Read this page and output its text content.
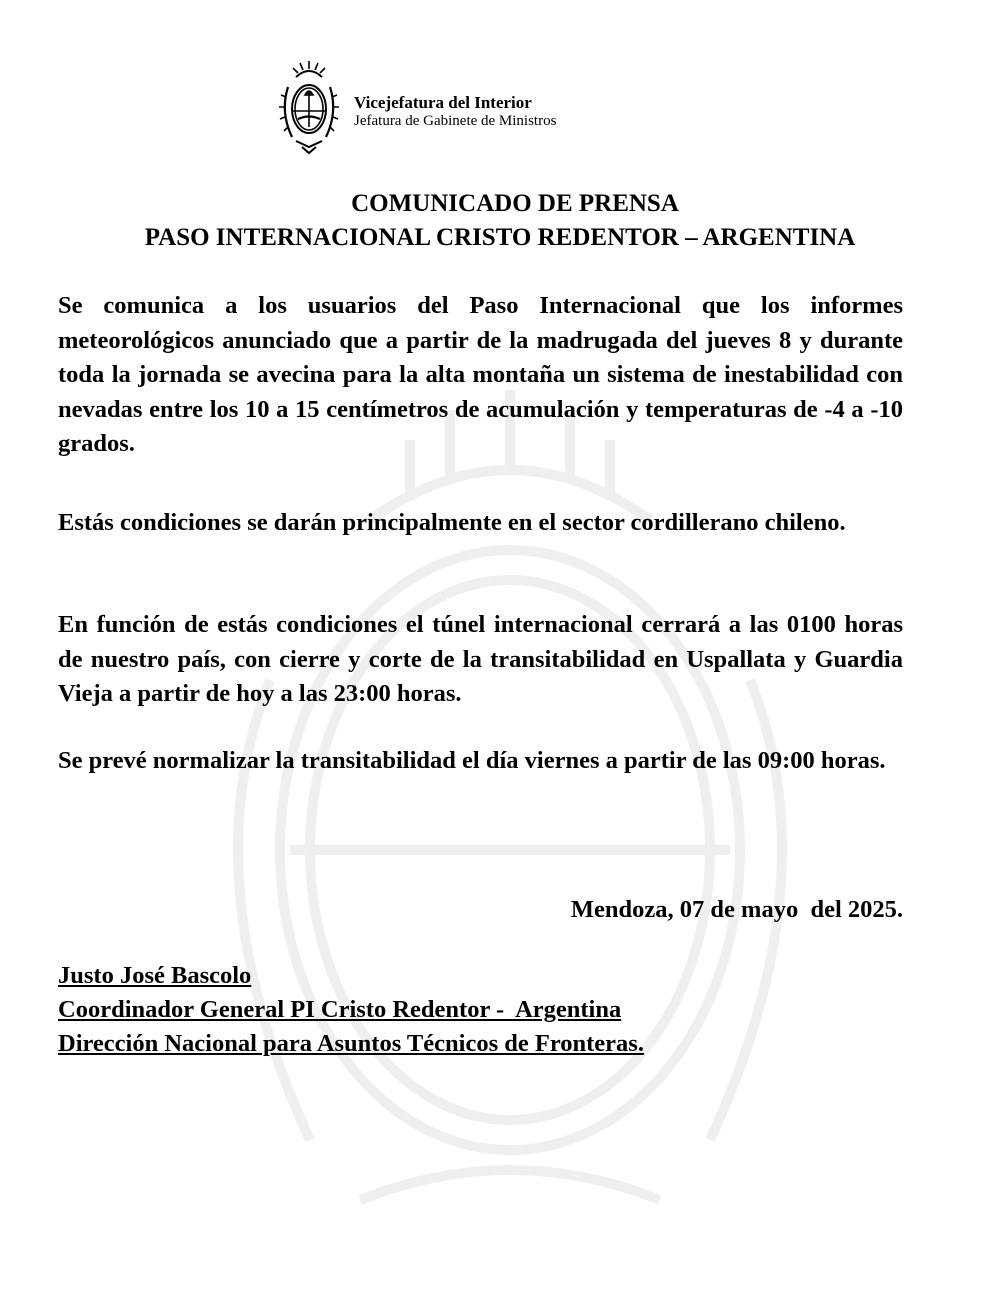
Vicejefatura del Interior
Jefatura de Gabinete de Ministros
COMUNICADO DE PRENSA
PASO INTERNACIONAL CRISTO REDENTOR – ARGENTINA
Se comunica a los usuarios del Paso Internacional que los informes meteorológicos anunciado que a partir de la madrugada del jueves 8 y durante toda la jornada se avecina para la alta montaña un sistema de inestabilidad con nevadas entre los 10 a 15 centímetros de acumulación y temperaturas de -4 a -10 grados.
Estás condiciones se darán principalmente en el sector cordillerano chileno.
En función de estás condiciones el túnel internacional cerrará a las 0100 horas de nuestro país, con cierre y corte de la transitabilidad en Uspallata y Guardia Vieja a partir de hoy a las 23:00 horas.
Se prevé normalizar la transitabilidad el día viernes a partir de las 09:00 horas.
Mendoza, 07 de mayo  del 2025.
Justo José Bascolo
Coordinador General PI Cristo Redentor -  Argentina
Dirección Nacional para Asuntos Técnicos de Fronteras.
